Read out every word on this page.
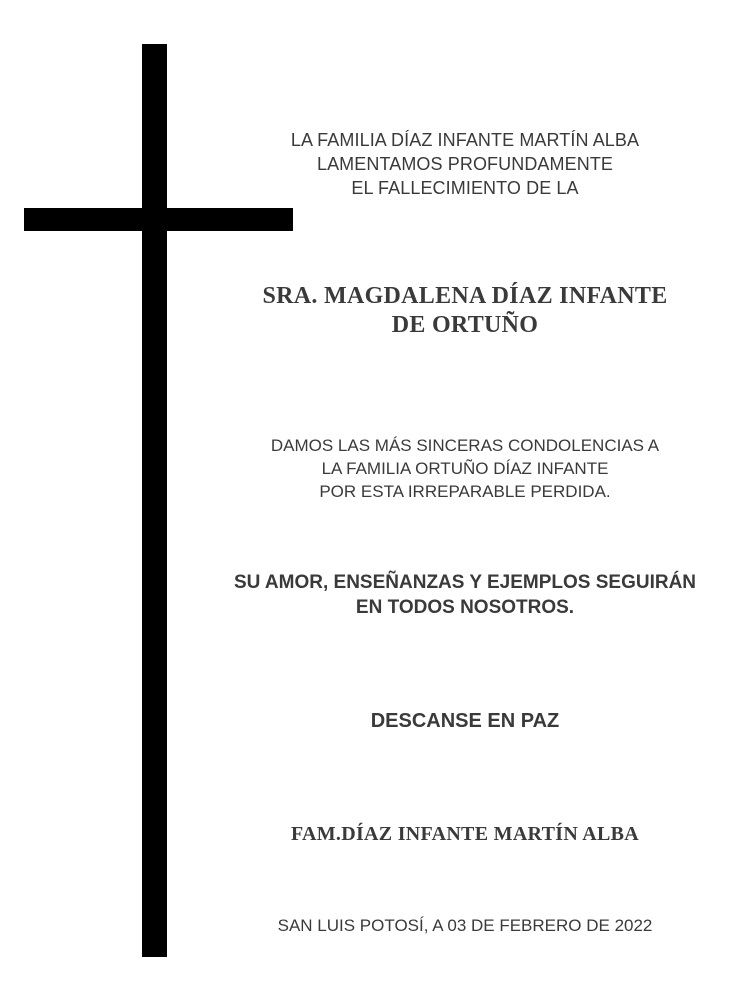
LA FAMILIA DÍAZ INFANTE MARTÍN ALBA
LAMENTAMOS PROFUNDAMENTE
EL FALLECIMIENTO DE LA
SRA. MAGDALENA DÍAZ INFANTE
DE ORTUÑO
DAMOS LAS MÁS SINCERAS CONDOLENCIAS A
LA FAMILIA ORTUÑO DÍAZ INFANTE
POR ESTA IRREPARABLE PERDIDA.
SU AMOR, ENSEÑANZAS Y EJEMPLOS SEGUIRÁN
EN TODOS NOSOTROS.
DESCANSE EN PAZ
FAM.DÍAZ INFANTE MARTÍN ALBA
SAN LUIS POTOSÍ, A 03 DE FEBRERO DE 2022
